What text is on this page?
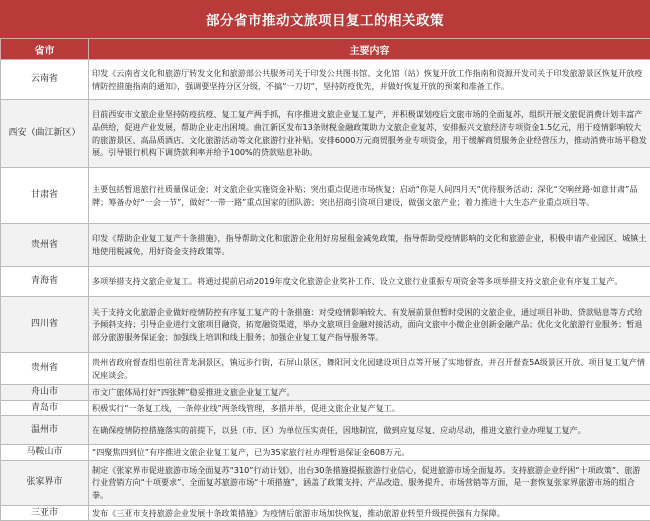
部分省市推动文旅项目复工的相关政策
省市	主要内容
云南省	印发《云南省文化和旅游厅转发文化和旅游部公共服务司关于印发公共图书馆、文化馆（站）恢复开放工作指南和资源开发司关于印发旅游景区恢复开放疫情防控措施指南的通知》，强调要坚持分区分级，不搞“一刀切”，坚持防疫优先，并做好恢复开放的预案和准备工作。
西安（曲江新区）	目前西安市文旅企业坚持防疫抗疫、复工复产两手抓，有序推进文旅企业复工复产，并积极谋划疫后文旅市场的全面复苏，组织开展文旅促消费计划丰富产品供给，促进产业发展，帮助企业走出困境。曲江新区发布13条财税金融政策助力文旅企业复苏，安排振兴文旅经济专项资金1.5亿元，用于疫情影响较大的旅游景区、高品质酒店、文化旅游活动等文化旅游行业补贴。安排6000万元商贸服务业专项资金，用于缓解商贸服务企业经营压力，推动消费市场平稳发展。引导银行机构下调贷款利率并给予100%的贷款贴息补助。
甘肃省	主要包括暂退旅行社质量保证金；对文旅企业实施资金补贴；突出重点促进市场恢复；启动“你是人间四月天”优待服务活动；深化“交响丝路·如意甘肃”品牌；筹备办好“一会一节”，做好“一带一路”重点国家的团队游；突出招商引资项目建设，做强文旅产业；着力推进十大生态产业重点项目等。
贵州省	印发《帮助企业复工复产十条措施》，指导帮助文化和旅游企业用好房屋租金减免政策，指导帮助受疫情影响的文化和旅游企业，积极申请产业园区、城镇土地使用税减免，用好资金支持政策等。
青海省	多项举措支持文旅企业复工。将通过提前启动2019年度文化旅游企业奖补工作、设立文旅行业重振专项资金等多项举措支持文旅企业有序复工复产。
四川省	关于支持文化旅游企业做好疫情防控有序复工复产的十条措施：对受疫情影响较大、有发展前景但暂时受困的文旅企业，通过项目补助、贷款贴息等方式给予倾斜支持；引导企业进行文旅项目融资，拓宽融资渠道，举办文旅项目金融对接活动，面向文旅中小微企业创新金融产品；优化文化旅游行业服务；暂退部分旅游服务保证金；加强线上培训和线上服务；加强企业复工复产指导服务等。
贵州省	贵州省政府督查组也前往青龙洞景区，镇远步行街，石屏山景区，舞阳河文化园建设项目点等开展了实地督查，并召开督查5A级景区开放、项目复工复产情况座谈会。
舟山市	市文广旅体局打好“四张牌”稳妥推进文旅企业复工复产。
青岛市	积极实行“一条复工线，一条停业线”两条线管理，多措并举，促进文旅企业复产复工。
温州市	在确保疫情防控措施落实的前提下，以县（市、区）为单位压实责任，因地制宜，做到应复尽复、应动尽动，推进文旅行业办理复工复产。
马鞍山市	“四聚焦四到位”有序推进文旅企业复工复产，已为35家旅行社办理暂退保证金608万元。
张家界市	制定《张家界市促进旅游市场全面复苏“310”行动计划》，出台30条措施提振旅游行业信心，促进旅游市场全面复苏。支持旅游企业纾困“十项政策”、旅游行业营销方向“十项要求”、全面复苏旅游市场“十项措施”，涵盖了政策支持、产品改造、服务提升、市场营销等方面，是一套恢复张家界旅游市场的组合拳。
三亚市	发布《三亚市支持旅游企业发展十条政策措施》为疫情后旅游市场加快恢复，推动旅游业转型升级提供强有力保障。
